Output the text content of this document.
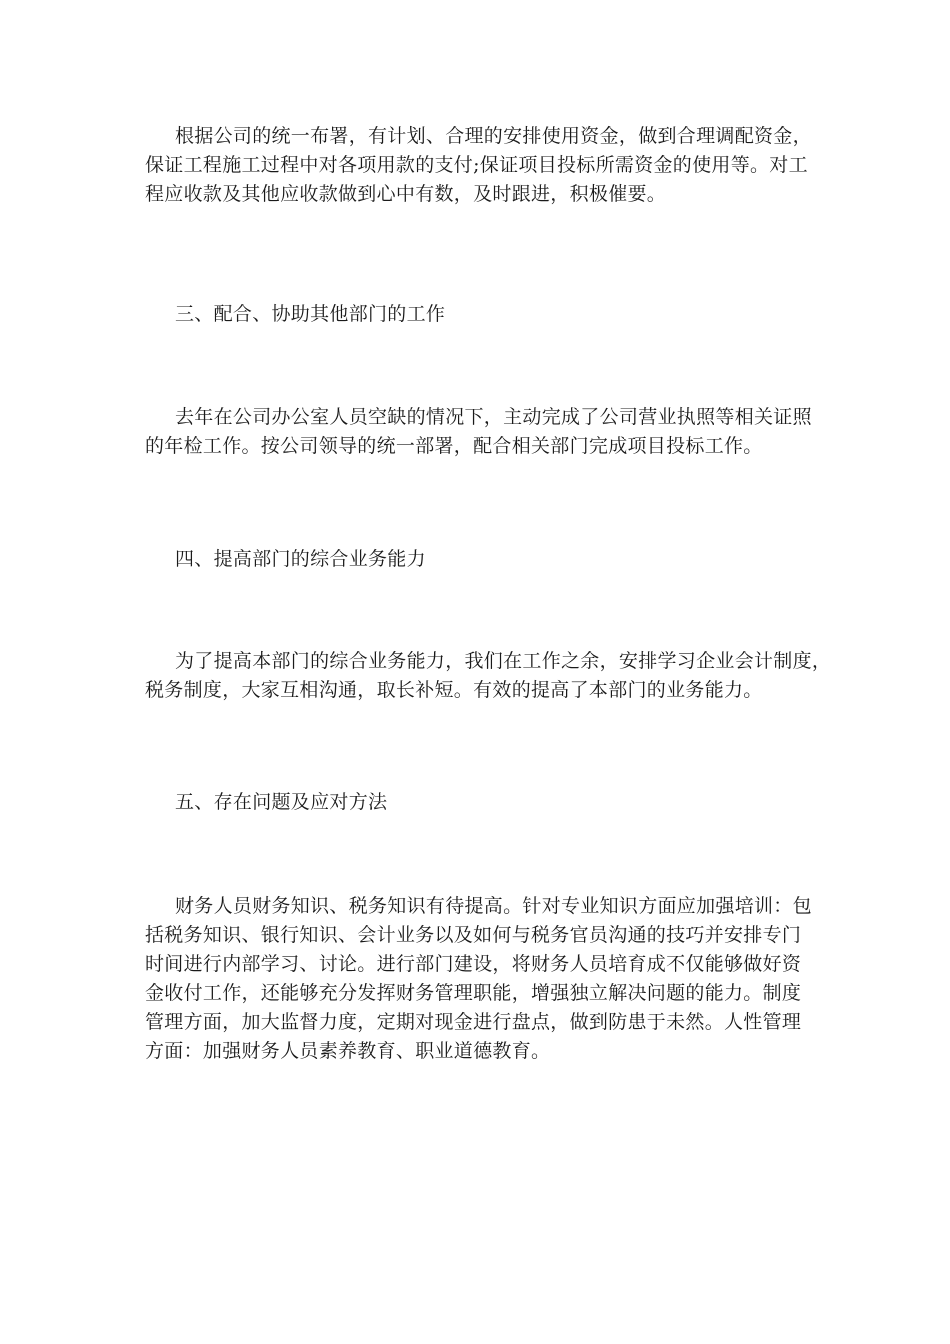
根据公司的统一布署，有计划、合理的安排使用资金，做到合理调配资金，
保证工程施工过程中对各项用款的支付;保证项目投标所需资金的使用等。对工
程应收款及其他应收款做到心中有数，及时跟进，积极催要。

三、配合、协助其他部门的工作

去年在公司办公室人员空缺的情况下，主动完成了公司营业执照等相关证照
的年检工作。按公司领导的统一部署，配合相关部门完成项目投标工作。

四、提高部门的综合业务能力

为了提高本部门的综合业务能力，我们在工作之余，安排学习企业会计制度，
税务制度，大家互相沟通，取长补短。有效的提高了本部门的业务能力。

五、存在问题及应对方法

财务人员财务知识、税务知识有待提高。针对专业知识方面应加强培训：包
括税务知识、银行知识、会计业务以及如何与税务官员沟通的技巧并安排专门
时间进行内部学习、讨论。进行部门建设，将财务人员培育成不仅能够做好资
金收付工作，还能够充分发挥财务管理职能，增强独立解决问题的能力。制度
管理方面，加大监督力度，定期对现金进行盘点，做到防患于未然。人性管理
方面：加强财务人员素养教育、职业道德教育。
